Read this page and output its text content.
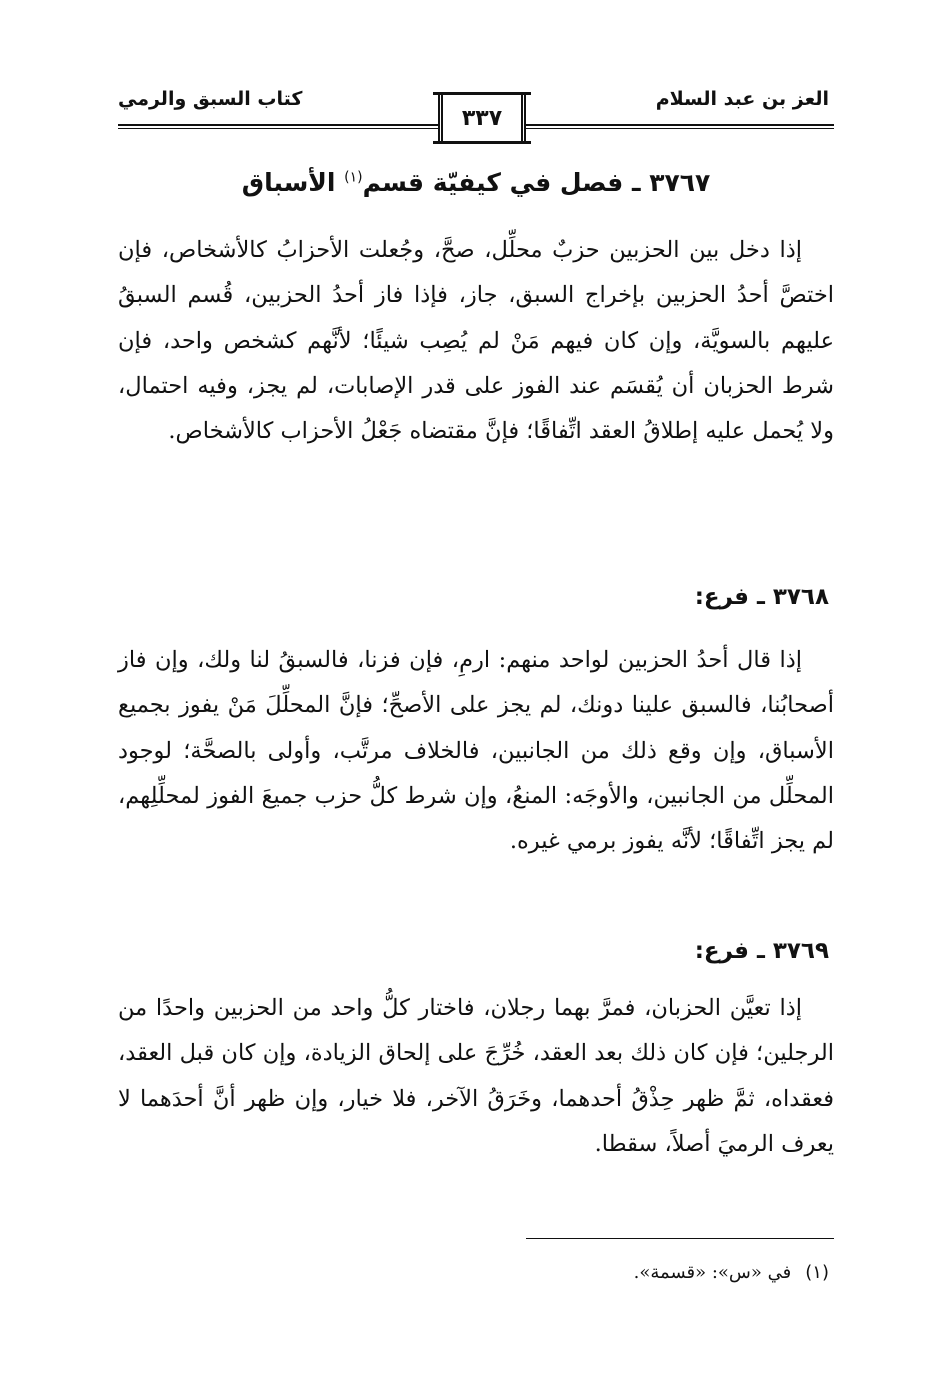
العز بن عبد السلام
كتاب السبق والرمي
٣٣٧
٣٧٦٧ ـ فصل في كيفيّة قسم$^{(١)}$ الأسباق

إذا دخل بين الحزبين حزبٌ محلِّل، صحَّ، وجُعلت الأحزابُ كالأشخاص، فإن اختصَّ أحدُ الحزبين بإخراج السبق، جاز، فإذا فاز أحدُ الحزبين، قُسم السبقُ عليهم بالسويَّة، وإن كان فيهم مَنْ لم يُصِب شيئًا؛ لأنَّهم كشخص واحد، فإن شرط الحزبان أن يُقسَم عند الفوز على قدر الإصابات، لم يجز، وفيه احتمال، ولا يُحمل عليه إطلاقُ العقد اتِّفاقًا؛ فإنَّ مقتضاه جَعْلُ الأحزاب كالأشخاص.

٣٧٦٨ ـ فرع:

إذا قال أحدُ الحزبين لواحد منهم: ارمِ، فإن فزنا، فالسبقُ لنا ولك، وإن فاز أصحابُنا، فالسبق علينا دونك، لم يجز على الأصحِّ؛ فإنَّ المحلِّلَ مَنْ يفوز بجميع الأسباق، وإن وقع ذلك من الجانبين، فالخلاف مرتَّب، وأولى بالصحَّة؛ لوجود المحلِّل من الجانبين، والأوجَه: المنعُ، وإن شرط كلُّ حزب جميعَ الفوز لمحلِّلِهم، لم يجز اتِّفاقًا؛ لأنَّه يفوز برمي غيره.

٣٧٦٩ ـ فرع:

إذا تعيَّن الحزبان، فمرَّ بهما رجلان، فاختار كلُّ واحد من الحزبين واحدًا من الرجلين؛ فإن كان ذلك بعد العقد، خُرِّجَ على إلحاق الزيادة، وإن كان قبل العقد، فعقداه، ثمَّ ظهر حِذْقُ أحدهما، وخَرَقُ الآخر، فلا خيار، وإن ظهر أنَّ أحدَهما لا يعرف الرميَ أصلاً، سقطا.

(١)في «س»: «قسمة».
